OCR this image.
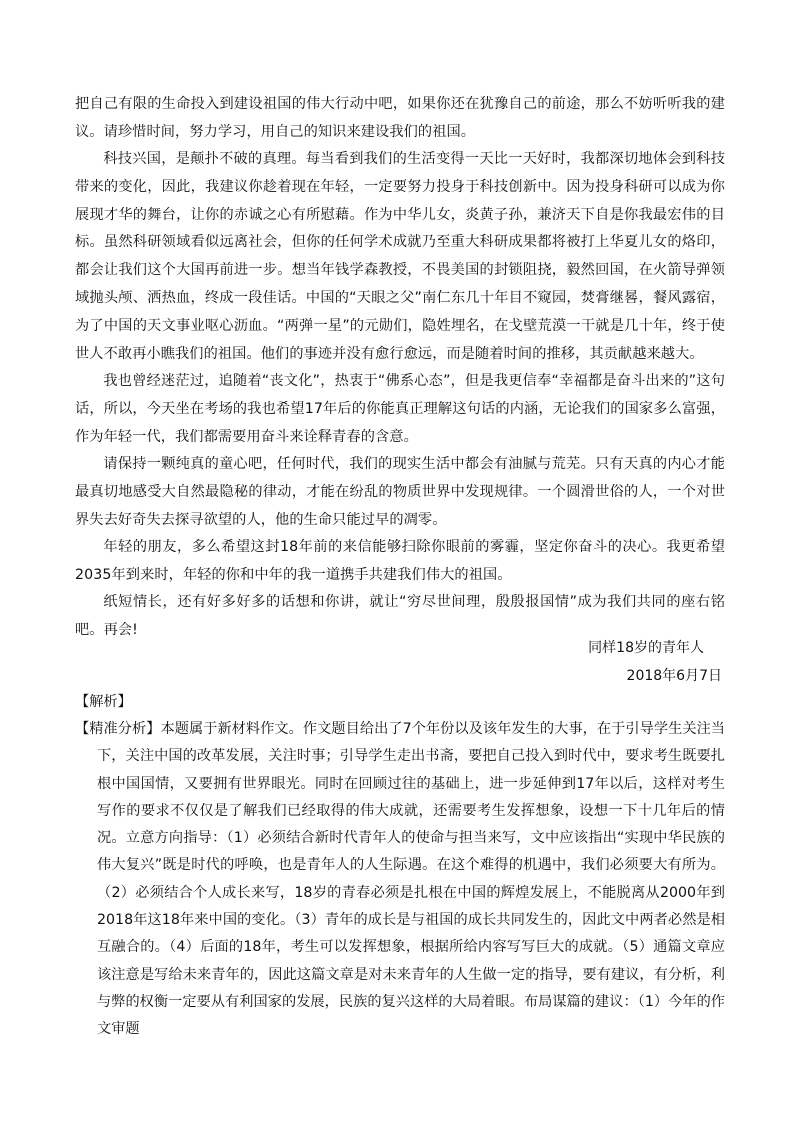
把自己有限的生命投入到建设祖国的伟大行动中吧，如果你还在犹豫自己的前途，那么不妨听听我的建议。请珍惜时间，努力学习，用自己的知识来建设我们的祖国。

科技兴国，是颠扑不破的真理。每当看到我们的生活变得一天比一天好时，我都深切地体会到科技带来的变化，因此，我建议你趁着现在年轻，一定要努力投身于科技创新中。因为投身科研可以成为你展现才华的舞台，让你的赤诚之心有所慰藉。作为中华儿女，炎黄子孙，兼济天下自是你我最宏伟的目标。虽然科研领域看似远离社会，但你的任何学术成就乃至重大科研成果都将被打上华夏儿女的烙印，都会让我们这个大国再前进一步。想当年钱学森教授，不畏美国的封锁阻挠，毅然回国，在火箭导弹领域抛头颅、洒热血，终成一段佳话。中国的“天眼之父”南仁东几十年目不窥园，焚膏继晷，餐风露宿，为了中国的天文事业呕心沥血。“两弹一星”的元勋们，隐姓埋名，在戈壁荒漠一干就是几十年，终于使世人不敢再小瞧我们的祖国。他们的事迹并没有愈行愈远，而是随着时间的推移，其贡献越来越大。

我也曾经迷茫过，追随着“丧文化”，热衷于“佛系心态”，但是我更信奉“幸福都是奋斗出来的”这句话，所以，今天坐在考场的我也希望17年后的你能真正理解这句话的内涵，无论我们的国家多么富强，作为年轻一代，我们都需要用奋斗来诠释青春的含意。

请保持一颗纯真的童心吧，任何时代，我们的现实生活中都会有油腻与荒芜。只有天真的内心才能最真切地感受大自然最隐秘的律动，才能在纷乱的物质世界中发现规律。一个圆滑世俗的人，一个对世界失去好奇失去探寻欲望的人，他的生命只能过早的凋零。

年轻的朋友，多么希望这封18年前的来信能够扫除你眼前的雾霾，坚定你奋斗的决心。我更希望2035年到来时，年轻的你和中年的我一道携手共建我们伟大的祖国。

纸短情长，还有好多好多的话想和你讲，就让“穷尽世间理，殷殷报国情”成为我们共同的座右铭吧。再会!

同样18岁的青年人

2018年6月7日

【解析】

【精准分析】本题属于新材料作文。作文题目给出了7个年份以及该年发生的大事，在于引导学生关注当下，关注中国的改革发展，关注时事；引导学生走出书斋，要把自己投入到时代中，要求考生既要扎根中国国情，又要拥有世界眼光。同时在回顾过往的基础上，进一步延伸到17年以后，这样对考生写作的要求不仅仅是了解我们已经取得的伟大成就，还需要考生发挥想象，设想一下十几年后的情况。立意方向指导：（1）必须结合新时代青年人的使命与担当来写，文中应该指出“实现中华民族的伟大复兴”既是时代的呼唤，也是青年人的人生际遇。在这个难得的机遇中，我们必须要大有所为。（2）必须结合个人成长来写，18岁的青春必须是扎根在中国的辉煌发展上，不能脱离从2000年到2018年这18年来中国的变化。（3）青年的成长是与祖国的成长共同发生的，因此文中两者必然是相互融合的。（4）后面的18年，考生可以发挥想象，根据所给内容写写巨大的成就。（5）通篇文章应该注意是写给未来青年的，因此这篇文章是对未来青年的人生做一定的指导，要有建议，有分析，利与弊的权衡一定要从有利国家的发展，民族的复兴这样的大局着眼。布局谋篇的建议：（1）今年的作文审题
